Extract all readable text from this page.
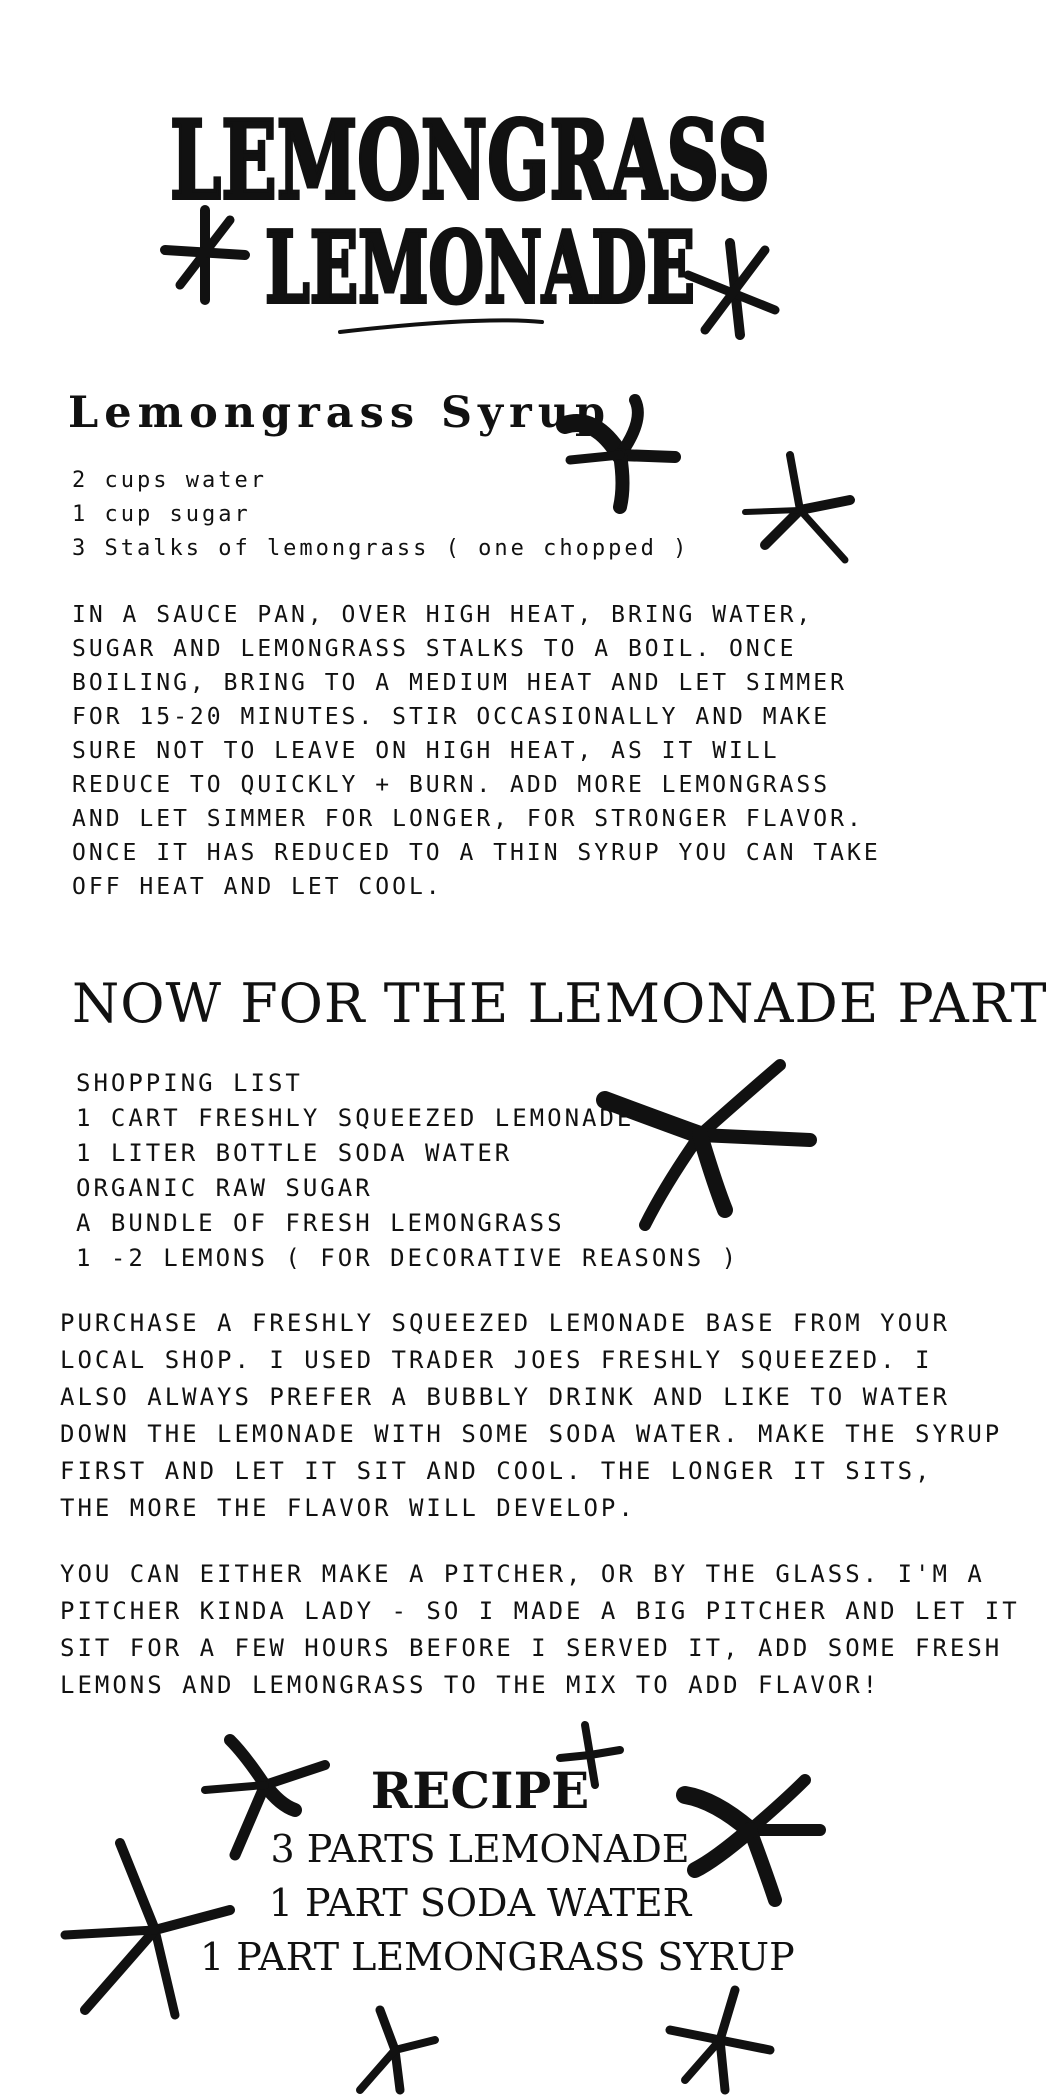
LEMONGRASS
LEMONADE
Lemongrass Syrup

2 cups water

1 cup sugar

3 Stalks of lemongrass ( one chopped )

IN A SAUCE PAN, OVER HIGH HEAT, BRING WATER,

SUGAR AND LEMONGRASS STALKS TO A BOIL. ONCE

BOILING, BRING TO A MEDIUM HEAT AND LET SIMMER

FOR 15-20 MINUTES. STIR OCCASIONALLY AND MAKE

SURE NOT TO LEAVE ON HIGH HEAT, AS IT WILL

REDUCE TO QUICKLY + BURN. ADD MORE LEMONGRASS

AND LET SIMMER FOR LONGER, FOR STRONGER FLAVOR.

ONCE IT HAS REDUCED TO A THIN SYRUP YOU CAN TAKE

OFF HEAT AND LET COOL.

NOW FOR THE LEMONADE PART

SHOPPING LIST

1 CART FRESHLY SQUEEZED LEMONADE

1 LITER BOTTLE SODA WATER

ORGANIC RAW SUGAR

A BUNDLE OF FRESH LEMONGRASS

1 -2 LEMONS ( FOR DECORATIVE REASONS )

PURCHASE A FRESHLY SQUEEZED LEMONADE BASE FROM YOUR

LOCAL SHOP. I USED TRADER JOES FRESHLY SQUEEZED. I

ALSO ALWAYS PREFER A BUBBLY DRINK AND LIKE TO WATER

DOWN THE LEMONADE WITH SOME SODA WATER. MAKE THE SYRUP

FIRST AND LET IT SIT AND COOL. THE LONGER IT SITS,

THE MORE THE FLAVOR WILL DEVELOP.

YOU CAN EITHER MAKE A PITCHER, OR BY THE GLASS. I'M A

PITCHER KINDA LADY - SO I MADE A BIG PITCHER AND LET IT

SIT FOR A FEW HOURS BEFORE I SERVED IT, ADD SOME FRESH

LEMONS AND LEMONGRASS TO THE MIX TO ADD FLAVOR!

RECIPE
3 PARTS LEMONADE
1 PART SODA WATER
1 PART LEMONGRASS SYRUP
